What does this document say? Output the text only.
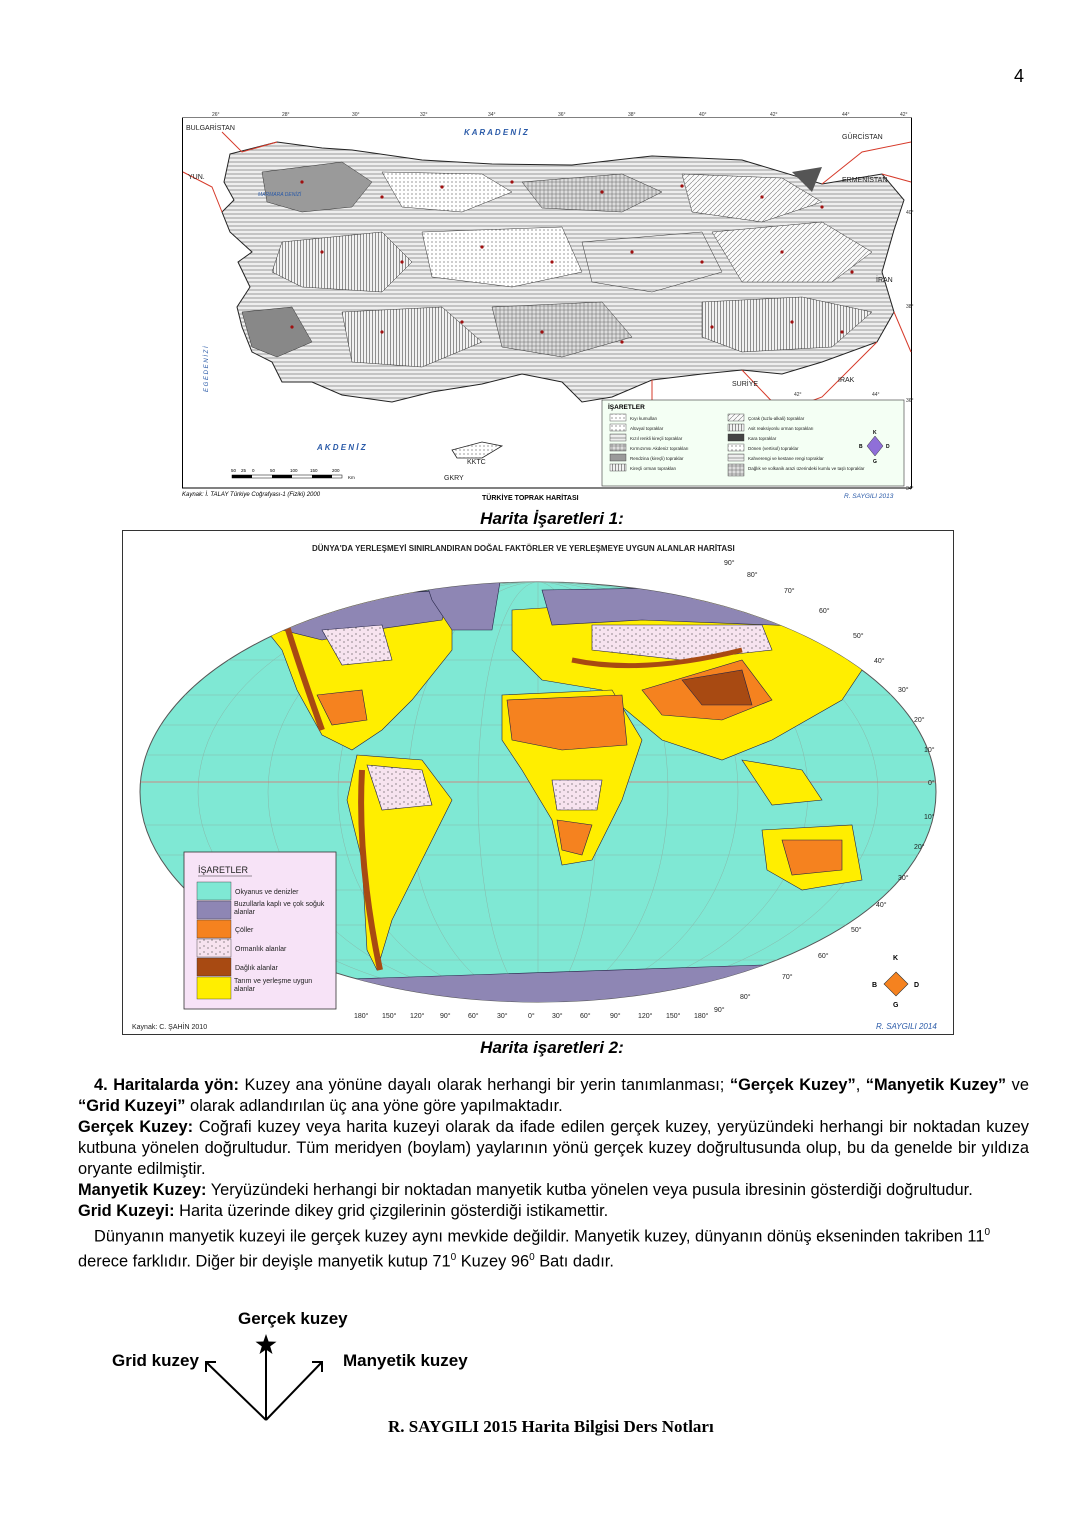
4
26°	28°	30°	32°	34°	36°	38°	40°	42°	44°	42°
40°
38°
36°
34°
42°	44°
BULGARİSTAN
GÜRCİSTAN
YUN.	ERMENİSTAN
İRAN
SURİYE
IRAK
KKTC
GKRY
K A R A D E N İ Z
MARMARA DENİZİ
A K D E N İ Z
E G E D E N İ Z İ
50 25 0	50	100	150	200
Km
İŞARETLER
Kıyı kumulları
Alüvyal topraklar
Kızıl renkli kireçli topraklar
Kırmızımsı Akdeniz toprakları
Rendzina (kireçli) topraklar
Kireçli orman toprakları
Çorak (tuzlu-alkali) topraklar
Asit reaksiyonlu orman toprakları
Kara topraklar
Dönen (vertisol) topraklar
Kahverengi ve kestane rengi topraklar
Dağlık ve volkanik arazi üzerindeki kumlu ve taşlı topraklar
K
G
D
B
Kaynak: İ. TALAY Türkiye Coğrafyası-1 (Fiziki) 2000	TÜRKİYE TOPRAK HARİTASI	R. SAYGILI 2013
Harita İşaretleri 1:
DÜNYA'DA YERLEŞMEYİ SINIRLANDIRAN DOĞAL FAKTÖRLER VE YERLEŞMEYE UYGUN ALANLAR HARİTASI
90°
80°
70°
60°
50°
40°
30°
20°
10°
0°
10°
20°
30°
40°
50°
60°
70°
80°
90°
180° 150° 120° 90° 60°	30°	0° 30° 60°	90° 120° 150° 180°
İŞARETLER
Okyanus ve denizler
Buzullarla kaplı ve çok soğuk alanlar
Çöller
Ormanlık alanlar
Dağlık alanlar
Tarım ve yerleşme uygun alanlar
K
G
D
B
Kaynak: C. ŞAHİN 2010	R. SAYGILI 2014
Harita işaretleri 2:

4. Haritalarda yön: Kuzey ana yönüne dayalı olarak herhangi bir yerin tanımlanması; “Gerçek Kuzey”, “Manyetik Kuzey” ve “Grid Kuzeyi” olarak adlandırılan üç ana yöne göre yapılmaktadır.

Gerçek Kuzey: Coğrafi kuzey veya harita kuzeyi olarak da ifade edilen gerçek kuzey, yeryüzündeki herhangi bir noktadan kuzey kutbuna yönelen doğrultudur. Tüm meridyen (boylam) yaylarının yönü gerçek kuzey doğrultusunda olup, bu da genelde bir yıldıza oryante edilmiştir.

Manyetik Kuzey: Yeryüzündeki herhangi bir noktadan manyetik kutba yönelen veya pusula ibresinin gösterdiği doğrultudur.

Grid Kuzeyi: Harita üzerinde dikey grid çizgilerinin gösterdiği istikamettir.

Dünyanın manyetik kuzeyi ile gerçek kuzey aynı mevkide değildir. Manyetik kuzey, dünyanın dönüş ekseninden takriben $11^0$ derece farklıdır. Diğer bir deyişle manyetik kutup $71^0$ Kuzey $96^0$ Batı dadır.

Gerçek kuzey
Grid kuzey	Manyetik kuzey
R. SAYGILI 2015 Harita Bilgisi Ders Notları
